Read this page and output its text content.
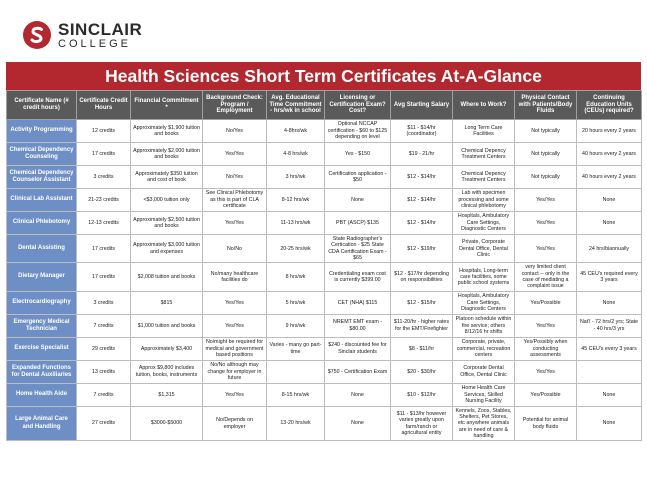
SINCLAIR
COLLEGE
Health Sciences Short Term Certificates At-A-Glance
Certificate Name (# credit hours)	Certificate Credit Hours	Financial Commitment *	Background Check: Program / Employment	Avg. Educational Time Commitment - hrs/wk in school	Licensing or Certification Exam? Cost?	Avg Starting Salary	Where to Work?	Physical Contact with Patients/Body Fluids	Continuing Education Units (CEUs) required?
Activity Programming	12 credits	Approximately $1,900 tuition and books	No/Yes	4-8hrs/wk	Optional NCCAP certification - $60 to $125 depending on level	$11 - $14/hr (coordinator)	Long Term Care Facilities	Not typically	20 hours every 2 years
Chemical Dependency Counseling	17 credits	Approximately $2,000 tuition and books	Yes/Yes	4-8 hrs/wk	Yes - $150	$19 - 21/hr	Chemical Depency Treatment Centers	Not typically	40 hours every 2 years
Chemical Dependency Counselor Assistant	3 credits	Approximately $350 tuition and cost of book	No/Yes	3 hrs/wk	Certification application - $50	$12 - $14/hr	Chemical Depency Treatment Centers	Not typically	40 hours every 2 years
Clinical Lab Assistant	21-23 credits	<$3,000 tuition only	See Clinical Phlebotomy as this is part of CLA certificate	8-12 hrs/wk	None	$12 - $14/hr	Lab with specimen processing and some clinical phlebotomy	Yes/Yes	None
Clinical Phlebotomy	12-13 credits	Approximately $2,500 tuition and books	Yes/Yes	11-13 hrs/wk	PBT (ASCP) $135	$12 - $14/hr	Hospitals, Ambulatory Care Settings, Diagnostic Centers	Yes/Yes	None
Dental Assisting	17 credits	Approximately $3,000 tuition and expenses	No/No	20-25 hrs/wk	State Radiographer's Certication - $25 State CDA Certification Exam - $65	$12 - $19/hr	Private, Corporate Dental Office, Dental Clinic	Yes/Yes	24 hrs/biannually
Dietary Manager	17 credits	$2,008 tuition and books	No/many healthcare facilities do	8 hrs/wk	Credentialing exam cost is currently $399.00	$12 - $17/hr depending on responsibilities	Hospitals, Long-term care facilities, some public school systems	very limited client contact -- only in the case of mediating a complaint issue	45 CEU's required every 3 years
Electrocardiography	3 credits	$815	Yes/Yes	5 hrs/wk	CET (NHA) $115	$12 - $15/hr	Hospitals, Ambulatory Care Settings, Diagnostic Centers	Yes/Possible	None
Emergency Medical Technician	7 credits	$1,000 tuition and books	Yes/Yes	9 hrs/wk	NREMT EMT exam - $80.00	$11-20/hr - higher rates for the EMT/Firefighter	Platoon schedule within fire service; others 8/12/16 hr shifts	Yes/Yes	Nat'l - 72 hrs/2 yrs; State - 40 hrs/3 yrs
Exercise Specialist	29 credits	Approximately $3,400	No/might be required for medical and government based positions	Varies - many go part-time	$240 - discounted fee for Sinclair students	$8 - $11/hr	Corporate, private, commercial, recreation centers	Yes/Possibly when conducting assessments	45 CEU's every 3 years
Expanded Functions for Dental Auxiliaries	13 credits	Approx $9,800 includes tuition, books, instruments	No/No although may change for employer in future		$750 - Certification Exam	$20 - $30/hr	Corporate Dental Office, Dental Clinic	Yes/Yes	
Home Health Aide	7 credits	$1,315	Yes/Yes	8-15 hrs/wk	None	$10 - $12/hr	Home Health Care Services, Skilled Nursing Facility	Yes/Possible	None
Large Animal Care and Handling	27 credits	$3000-$5000	No/Depends on employer	13-20 hrs/wk	None	$11 - $13/hr however varies greatly upon farm/ranch or agricultural entity	Kennels, Zoos, Stables, Shelters, Pet Stores, etc anywhere animals are in need of care & handling	Potential for animal body fluids	None
